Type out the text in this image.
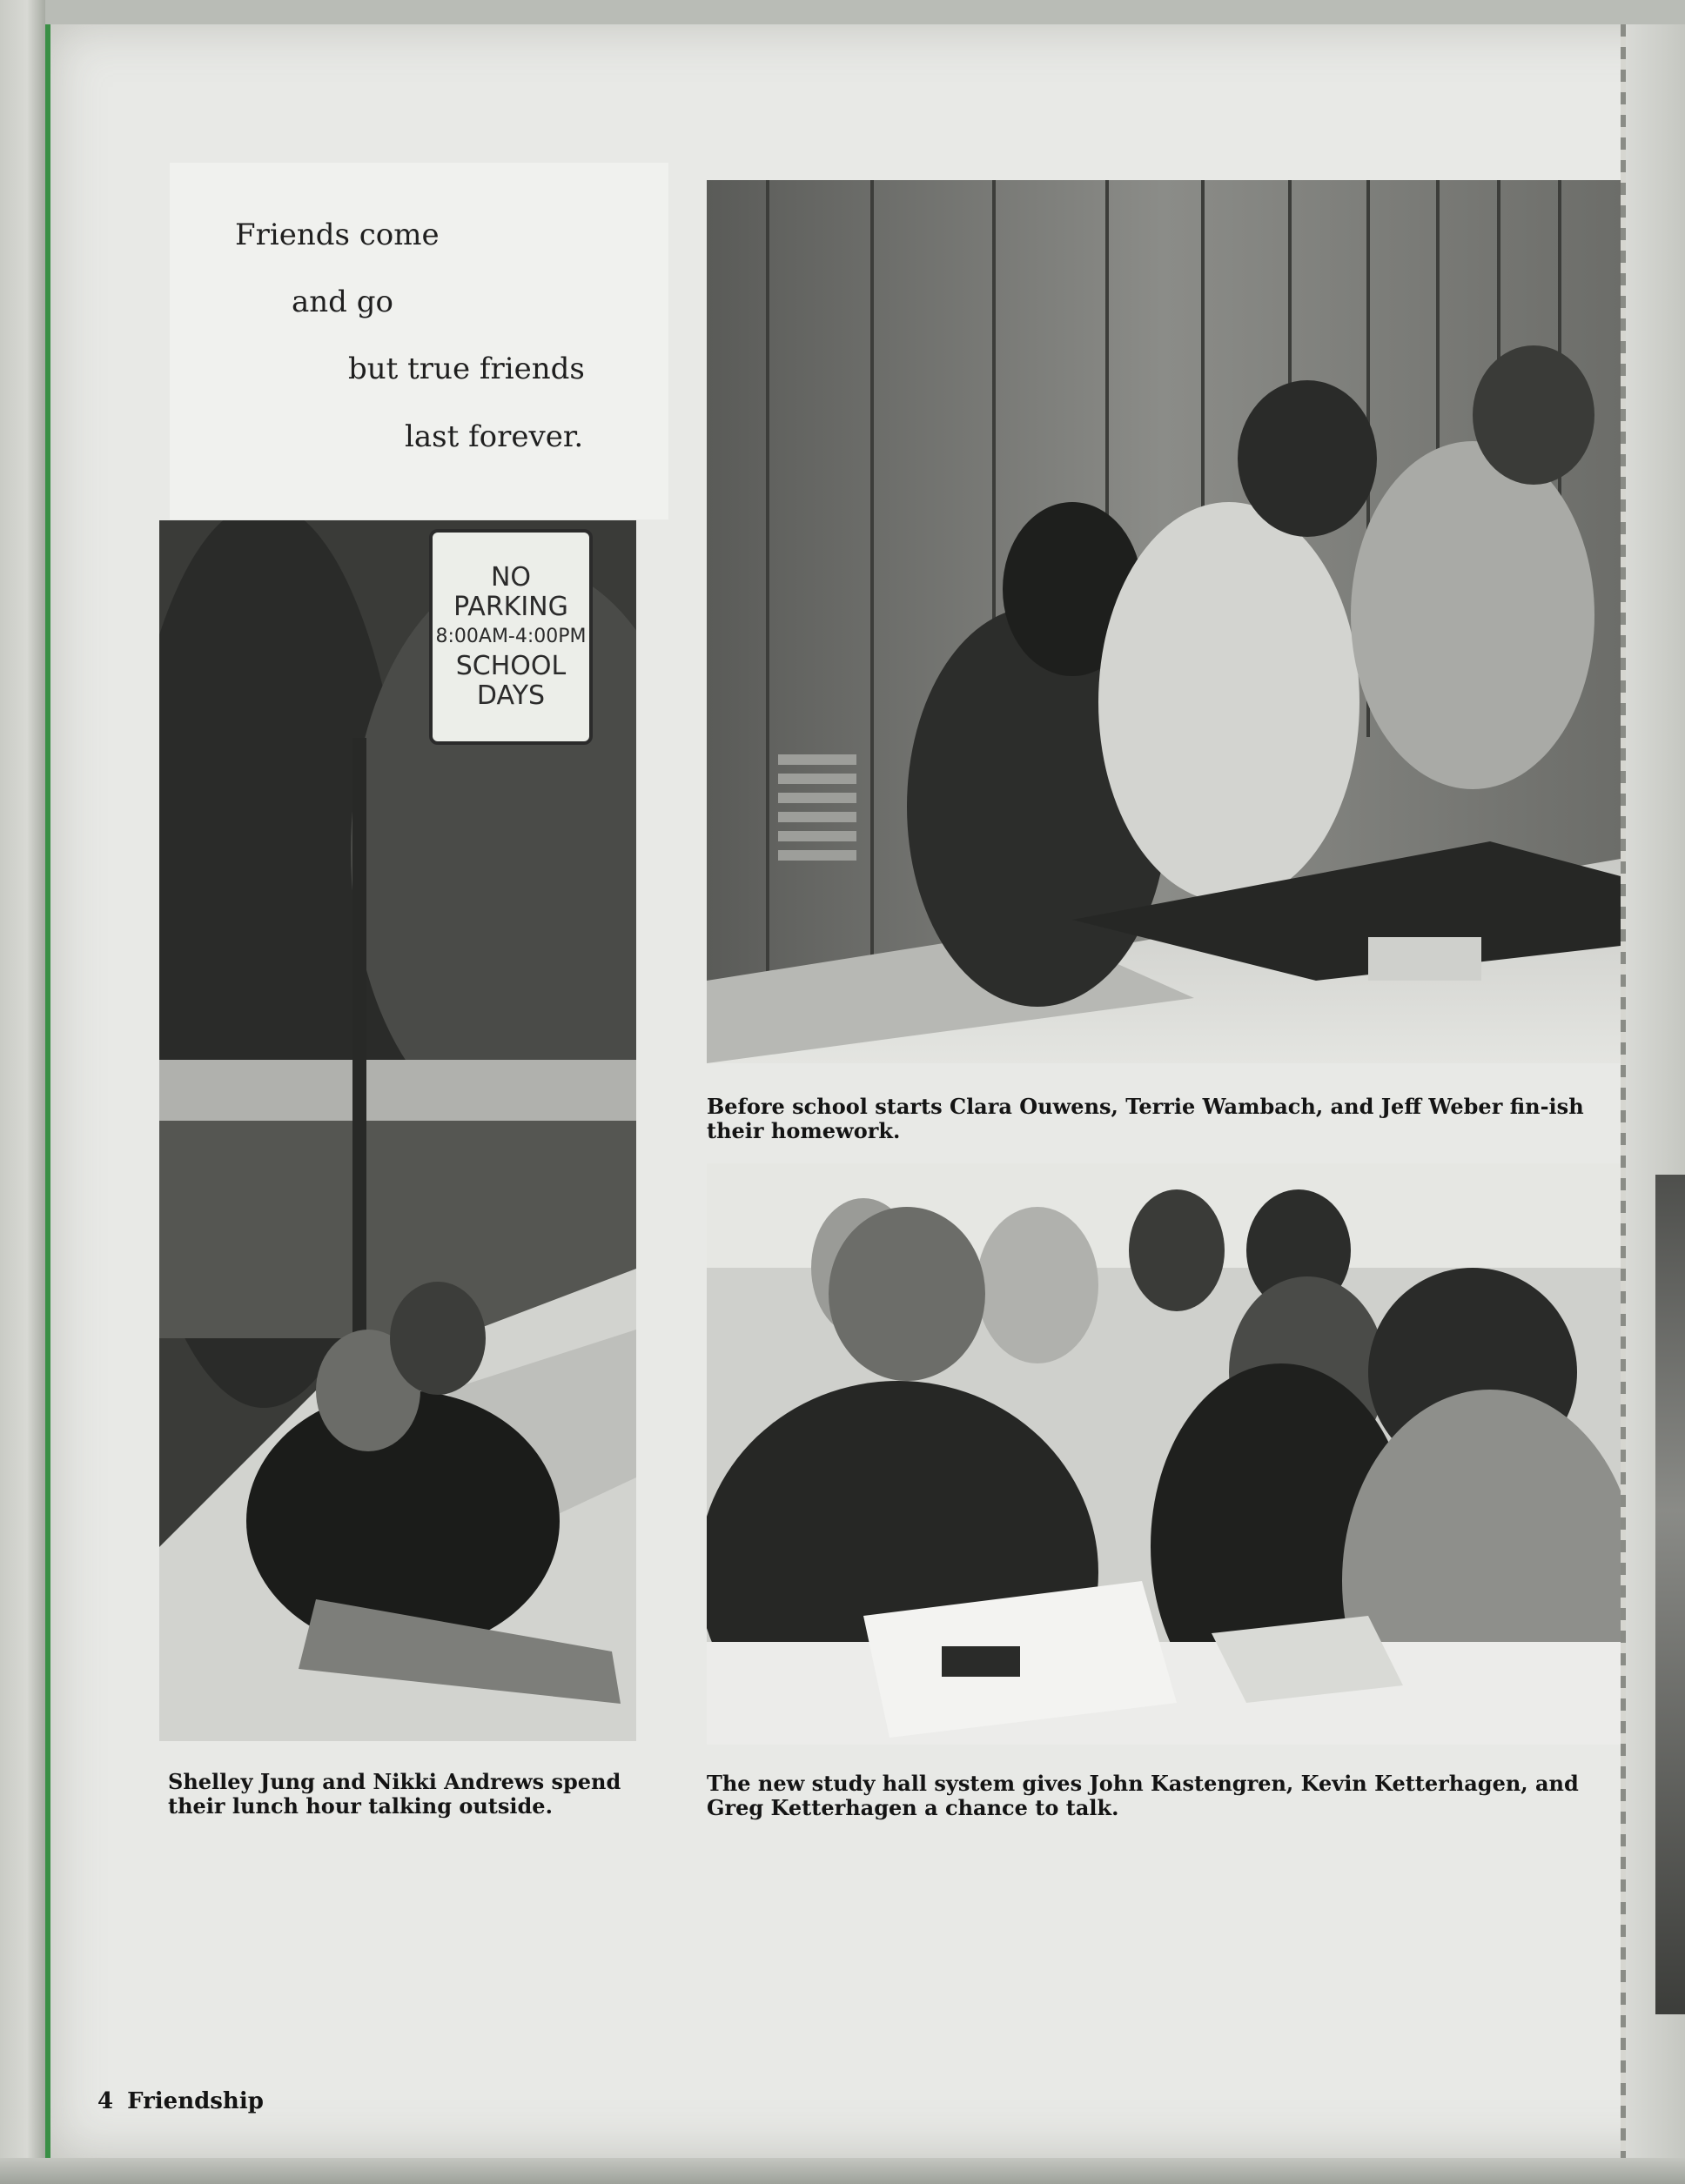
Friends come
and go
but true friends
last forever.
Before school starts Clara Ouwens, Terrie Wambach, and Jeff Weber fin-ish their homework.
NO
PARKING
8:00AM-4:00PM
SCHOOL
DAYS
Shelley Jung and Nikki Andrews spend their lunch hour talking outside.
The new study hall system gives John Kastengren, Kevin Ketterhagen, and Greg Ketterhagen a chance to talk.
4 Friendship
